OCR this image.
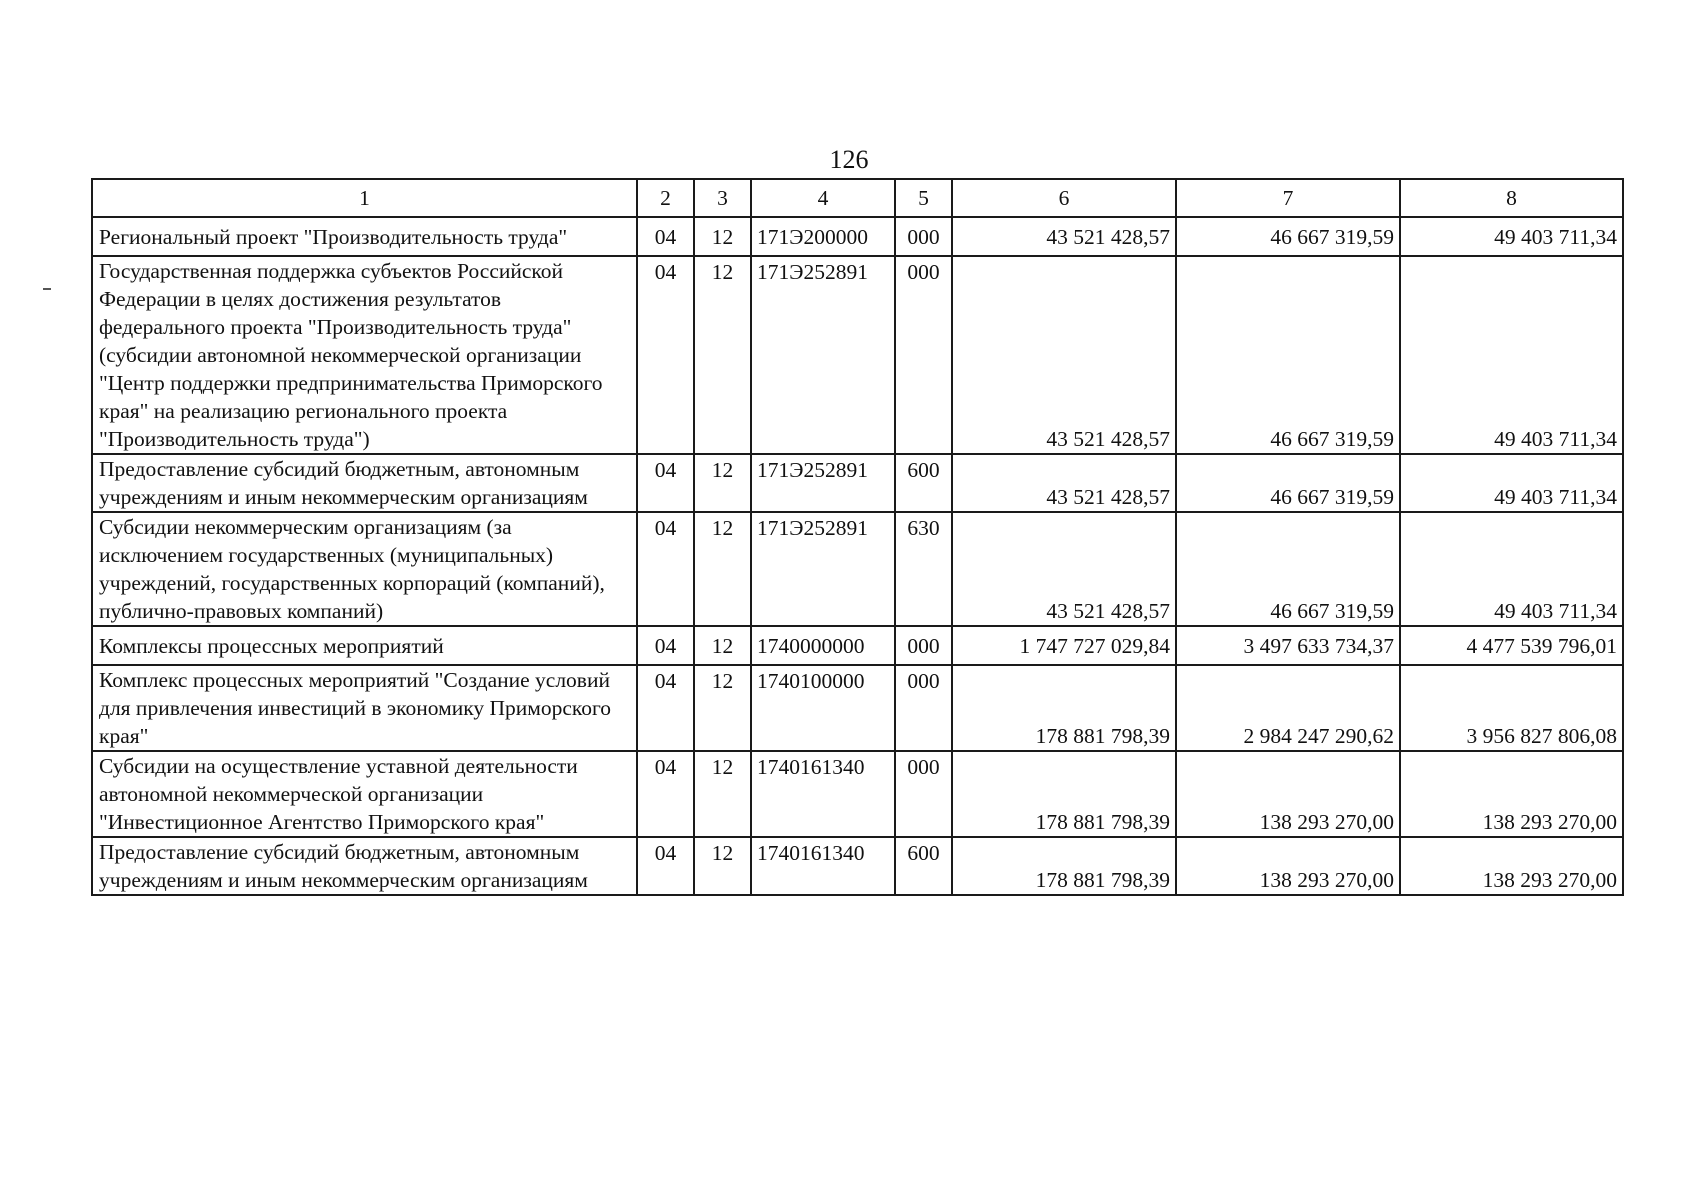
126
1	2	3	4	5	6	7	8
Региональный проект "Производительность труда"	04	12	171Э200000	000	43 521 428,57	46 667 319,59	49 403 711,34
Государственная поддержка субъектов Российской Федерации в целях достижения результатов федерального проекта "Производительность труда" (субсидии автономной некоммерческой организации "Центр поддержки предпринимательства Приморского края" на реализацию регионального проекта "Производительность труда")	04	12	171Э252891	000	43 521 428,57	46 667 319,59	49 403 711,34
Предоставление субсидий бюджетным, автономным учреждениям и иным некоммерческим организациям	04	12	171Э252891	600	43 521 428,57	46 667 319,59	49 403 711,34
Субсидии некоммерческим организациям (за исключением государственных (муниципальных) учреждений, государственных корпораций (компаний), публично-правовых компаний)	04	12	171Э252891	630	43 521 428,57	46 667 319,59	49 403 711,34
Комплексы процессных мероприятий	04	12	1740000000	000	1 747 727 029,84	3 497 633 734,37	4 477 539 796,01
Комплекс процессных мероприятий "Создание условий для привлечения инвестиций в экономику Приморского края"	04	12	1740100000	000	178 881 798,39	2 984 247 290,62	3 956 827 806,08
Субсидии на осуществление уставной деятельности автономной некоммерческой организации "Инвестиционное Агентство Приморского края"	04	12	1740161340	000	178 881 798,39	138 293 270,00	138 293 270,00
Предоставление субсидий бюджетным, автономным учреждениям и иным некоммерческим организациям	04	12	1740161340	600	178 881 798,39	138 293 270,00	138 293 270,00
